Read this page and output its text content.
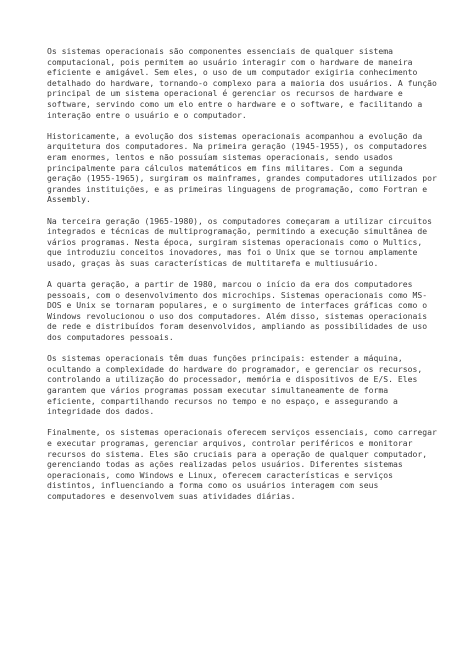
Os sistemas operacionais são componentes essenciais de qualquer sistema
computacional, pois permitem ao usuário interagir com o hardware de maneira
eficiente e amigável. Sem eles, o uso de um computador exigiria conhecimento
detalhado do hardware, tornando-o complexo para a maioria dos usuários. A função
principal de um sistema operacional é gerenciar os recursos de hardware e
software, servindo como um elo entre o hardware e o software, e facilitando a
interação entre o usuário e o computador.

Historicamente, a evolução dos sistemas operacionais acompanhou a evolução da
arquitetura dos computadores. Na primeira geração (1945-1955), os computadores
eram enormes, lentos e não possuíam sistemas operacionais, sendo usados
principalmente para cálculos matemáticos em fins militares. Com a segunda
geração (1955-1965), surgiram os mainframes, grandes computadores utilizados por
grandes instituições, e as primeiras linguagens de programação, como Fortran e
Assembly.

Na terceira geração (1965-1980), os computadores começaram a utilizar circuitos
integrados e técnicas de multiprogramação, permitindo a execução simultânea de
vários programas. Nesta época, surgiram sistemas operacionais como o Multics,
que introduziu conceitos inovadores, mas foi o Unix que se tornou amplamente
usado, graças às suas características de multitarefa e multiusuário.

A quarta geração, a partir de 1980, marcou o início da era dos computadores
pessoais, com o desenvolvimento dos microchips. Sistemas operacionais como MS-
DOS e Unix se tornaram populares, e o surgimento de interfaces gráficas como o
Windows revolucionou o uso dos computadores. Além disso, sistemas operacionais
de rede e distribuídos foram desenvolvidos, ampliando as possibilidades de uso
dos computadores pessoais.

Os sistemas operacionais têm duas funções principais: estender a máquina,
ocultando a complexidade do hardware do programador, e gerenciar os recursos,
controlando a utilização do processador, memória e dispositivos de E/S. Eles
garantem que vários programas possam executar simultaneamente de forma
eficiente, compartilhando recursos no tempo e no espaço, e assegurando a
integridade dos dados.

Finalmente, os sistemas operacionais oferecem serviços essenciais, como carregar
e executar programas, gerenciar arquivos, controlar periféricos e monitorar
recursos do sistema. Eles são cruciais para a operação de qualquer computador,
gerenciando todas as ações realizadas pelos usuários. Diferentes sistemas
operacionais, como Windows e Linux, oferecem características e serviços
distintos, influenciando a forma como os usuários interagem com seus
computadores e desenvolvem suas atividades diárias.
